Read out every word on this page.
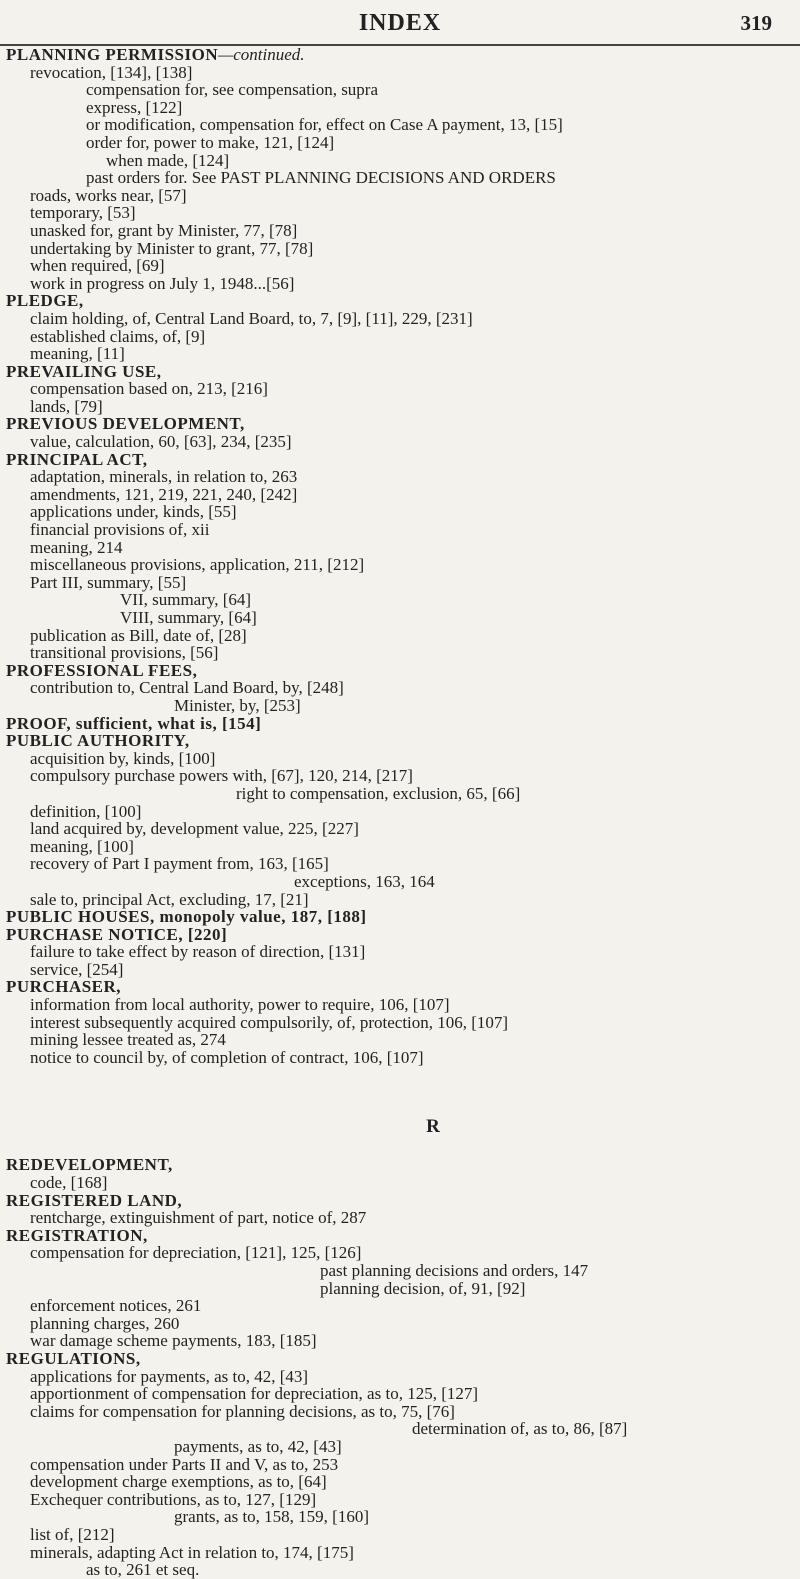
INDEX	319
PLANNING PERMISSION—continued.
revocation, [134], [138]
compensation for, see compensation, supra
express, [122]
or modification, compensation for, effect on Case A payment, 13, [15]
order for, power to make, 121, [124]
when made, [124]
past orders for. See PAST PLANNING DECISIONS AND ORDERS
roads, works near, [57]
temporary, [53]
unasked for, grant by Minister, 77, [78]
undertaking by Minister to grant, 77, [78]
when required, [69]
work in progress on July 1, 1948...[56]
PLEDGE,
claim holding, of, Central Land Board, to, 7, [9], [11], 229, [231]
established claims, of, [9]
meaning, [11]
PREVAILING USE,
compensation based on, 213, [216]
lands, [79]
PREVIOUS DEVELOPMENT,
value, calculation, 60, [63], 234, [235]
PRINCIPAL ACT,
adaptation, minerals, in relation to, 263
amendments, 121, 219, 221, 240, [242]
applications under, kinds, [55]
financial provisions of, xii
meaning, 214
miscellaneous provisions, application, 211, [212]
Part III, summary, [55]
VII, summary, [64]
VIII, summary, [64]
publication as Bill, date of, [28]
transitional provisions, [56]
PROFESSIONAL FEES,
contribution to, Central Land Board, by, [248]
Minister, by, [253]
PROOF, sufficient, what is, [154]
PUBLIC AUTHORITY,
acquisition by, kinds, [100]
compulsory purchase powers with, [67], 120, 214, [217]
right to compensation, exclusion, 65, [66]
definition, [100]
land acquired by, development value, 225, [227]
meaning, [100]
recovery of Part I payment from, 163, [165]
exceptions, 163, 164
sale to, principal Act, excluding, 17, [21]
PUBLIC HOUSES, monopoly value, 187, [188]
PURCHASE NOTICE, [220]
failure to take effect by reason of direction, [131]
service, [254]
PURCHASER,
information from local authority, power to require, 106, [107]
interest subsequently acquired compulsorily, of, protection, 106, [107]
mining lessee treated as, 274
notice to council by, of completion of contract, 106, [107]
R
REDEVELOPMENT,
code, [168]
REGISTERED LAND,
rentcharge, extinguishment of part, notice of, 287
REGISTRATION,
compensation for depreciation, [121], 125, [126]
past planning decisions and orders, 147
planning decision, of, 91, [92]
enforcement notices, 261
planning charges, 260
war damage scheme payments, 183, [185]
REGULATIONS,
applications for payments, as to, 42, [43]
apportionment of compensation for depreciation, as to, 125, [127]
claims for compensation for planning decisions, as to, 75, [76]
determination of, as to, 86, [87]
payments, as to, 42, [43]
compensation under Parts II and V, as to, 253
development charge exemptions, as to, [64]
Exchequer contributions, as to, 127, [129]
grants, as to, 158, 159, [160]
list of, [212]
minerals, adapting Act in relation to, 174, [175]
as to, 261 et seq.
